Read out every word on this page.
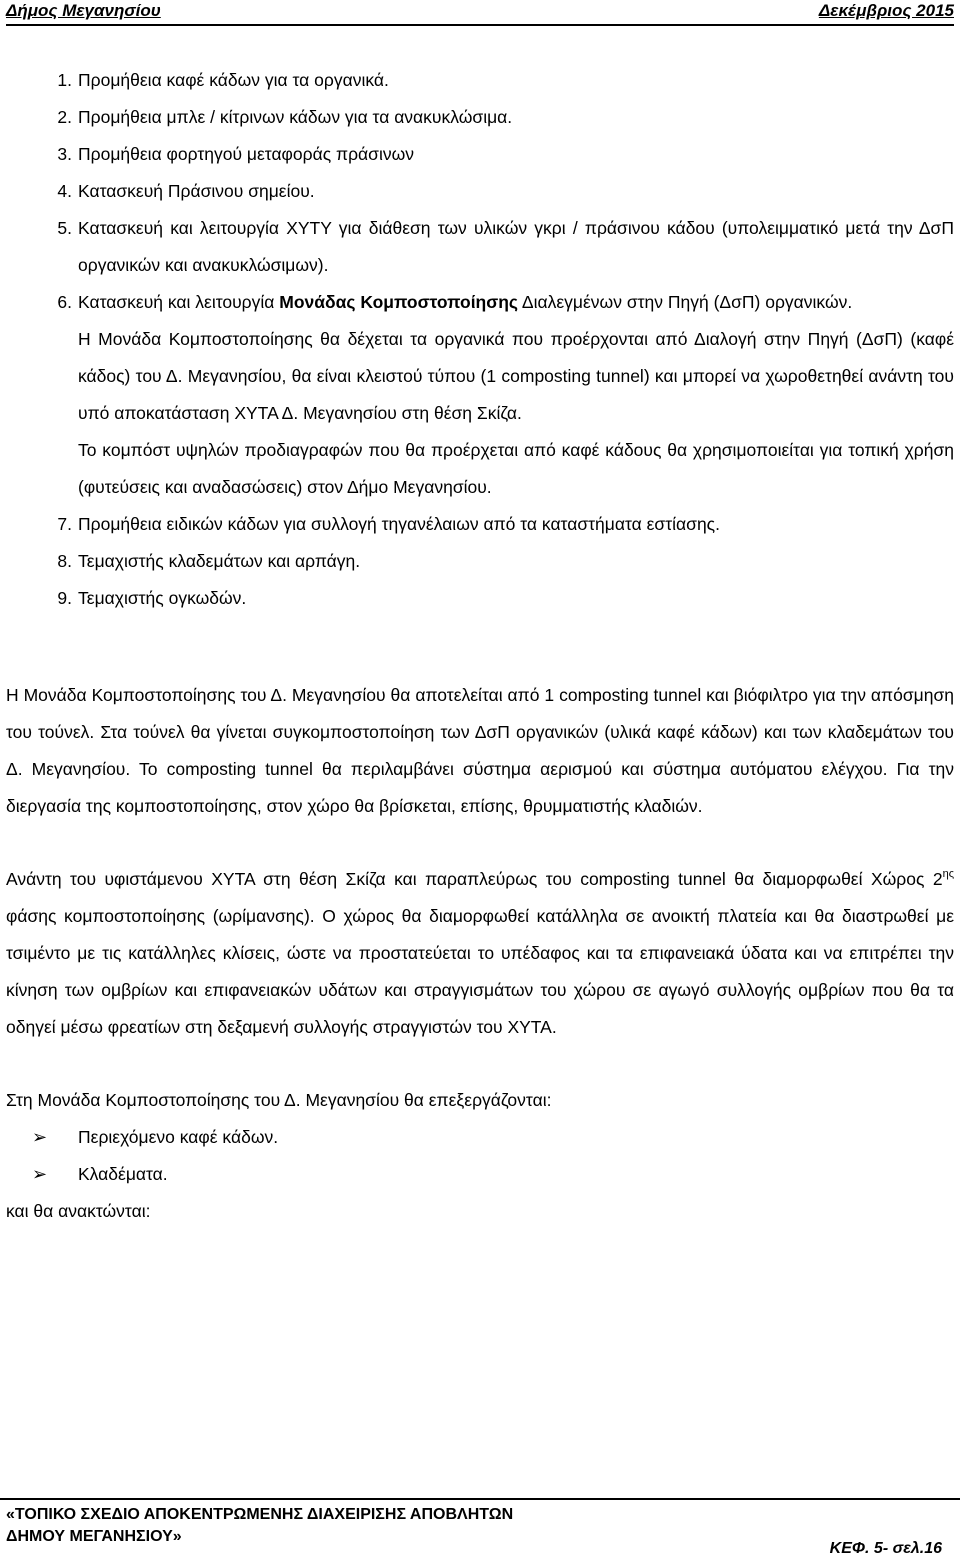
Δήμος Μεγανησίου	Δεκέμβριος 2015
1. Προμήθεια καφέ κάδων για τα οργανικά.
2. Προμήθεια μπλε / κίτρινων κάδων για τα ανακυκλώσιμα.
3. Προμήθεια φορτηγού μεταφοράς πράσινων
4. Κατασκευή Πράσινου σημείου.
5. Κατασκευή και λειτουργία ΧΥΤΥ για διάθεση των υλικών γκρι / πράσινου κάδου (υπολειμματικό μετά την ΔσΠ οργανικών και ανακυκλώσιμων).
6. Κατασκευή και λειτουργία Μονάδας Κομποστοποίησης Διαλεγμένων στην Πηγή (ΔσΠ) οργανικών.
Η Μονάδα Κομποστοποίησης θα δέχεται τα οργανικά που προέρχονται από Διαλογή στην Πηγή (ΔσΠ) (καφέ κάδος) του Δ. Μεγανησίου, θα είναι κλειστού τύπου (1 composting tunnel) και μπορεί να χωροθετηθεί ανάντη του υπό αποκατάσταση ΧΥΤΑ Δ. Μεγανησίου στη θέση Σκίζα.
Το κομπόστ υψηλών προδιαγραφών που θα προέρχεται από καφέ κάδους θα χρησιμοποιείται για τοπική χρήση (φυτεύσεις και αναδασώσεις) στον Δήμο Μεγανησίου.
7. Προμήθεια ειδικών κάδων για συλλογή τηγανέλαιων από τα καταστήματα εστίασης.
8. Τεμαχιστής κλαδεμάτων και αρπάγη.
9. Τεμαχιστής ογκωδών.
Η Μονάδα Κομποστοποίησης του Δ. Μεγανησίου θα αποτελείται από 1 composting tunnel και βιόφιλτρο για την απόσμηση του τούνελ. Στα τούνελ θα γίνεται συγκομποστοποίηση των ΔσΠ οργανικών (υλικά καφέ κάδων) και των κλαδεμάτων του Δ. Μεγανησίου. Το composting tunnel θα περιλαμβάνει σύστημα αερισμού και σύστημα αυτόματου ελέγχου. Για την διεργασία της κομποστοποίησης, στον χώρο θα βρίσκεται, επίσης, θρυμματιστής κλαδιών.
Ανάντη του υφιστάμενου ΧΥΤΑ στη θέση Σκίζα και παραπλεύρως του composting tunnel θα διαμορφωθεί Χώρος $2^{\eta\varsigma}$ φάσης κομποστοποίησης (ωρίμανσης). Ο χώρος θα διαμορφωθεί κατάλληλα σε ανοικτή πλατεία και θα διαστρωθεί με τσιμέντο με τις κατάλληλες κλίσεις, ώστε να προστατεύεται το υπέδαφος και τα επιφανειακά ύδατα και να επιτρέπει την κίνηση των ομβρίων και επιφανειακών υδάτων και στραγγισμάτων του χώρου σε αγωγό συλλογής ομβρίων που θα τα οδηγεί μέσω φρεατίων στη δεξαμενή συλλογής στραγγιστών του ΧΥΤΑ.
Στη Μονάδα Κομποστοποίησης του Δ. Μεγανησίου θα επεξεργάζονται:
➢	Περιεχόμενο καφέ κάδων.
➢	Κλαδέματα.
και θα ανακτώνται:
«ΤΟΠΙΚΟ ΣΧΕΔΙΟ ΑΠΟΚΕΝΤΡΩΜΕΝΗΣ ΔΙΑΧΕΙΡΙΣΗΣ ΑΠΟΒΛΗΤΩΝ
ΔΗΜΟΥ ΜΕΓΑΝΗΣΙΟΥ»
ΚΕΦ. 5- σελ.16
